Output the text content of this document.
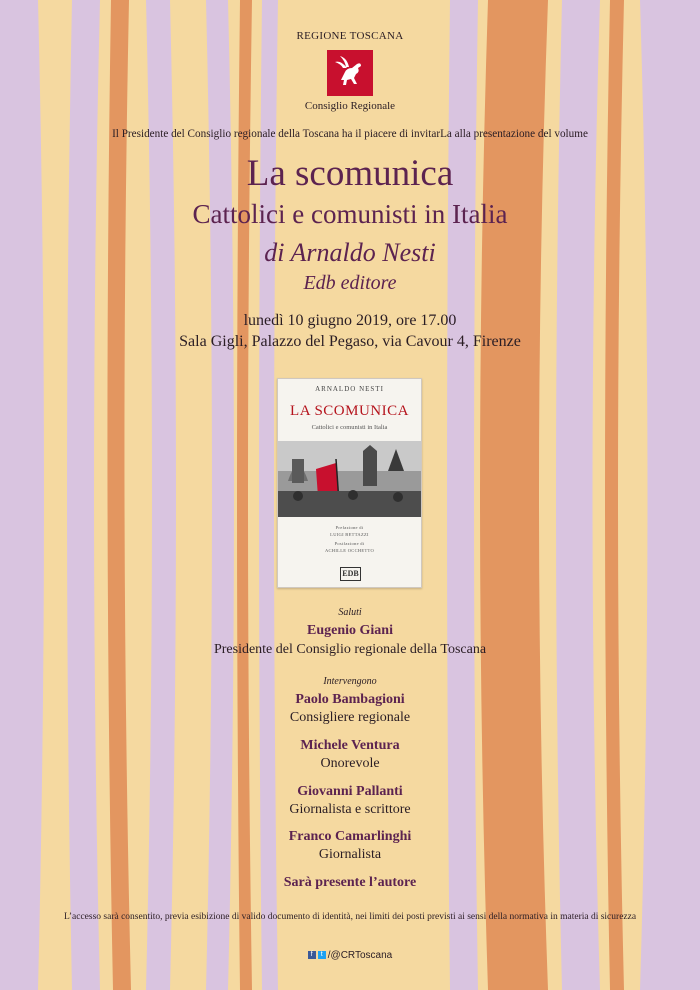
REGIONE TOSCANA
Consiglio Regionale
Il Presidente del Consiglio regionale della Toscana ha il piacere di invitarLa alla presentazione del volume
La scomunica
Cattolici e comunisti in Italia
di Arnaldo Nesti
Edb editore
lunedì 10 giugno 2019, ore 17.00
Sala Gigli, Palazzo del Pegaso, via Cavour 4, Firenze
ARNALDO NESTI
LA SCOMUNICA
Cattolici e comunisti in Italia
Prefazione di
LUIGI BETTAZZI
Postfazione di
ACHILLE OCCHETTO
EDB
Saluti
Eugenio Giani
Presidente del Consiglio regionale della Toscana
Intervengono
Paolo Bambagioni
Consigliere regionale
Michele Ventura
Onorevole
Giovanni Pallanti
Giornalista e scrittore
Franco Camarlinghi
Giornalista
Sarà presente l’autore
L’accesso sarà consentito, previa esibizione di valido documento di identità, nei limiti dei posti previsti ai sensi della normativa in materia di sicurezza
f t /@CRToscana
